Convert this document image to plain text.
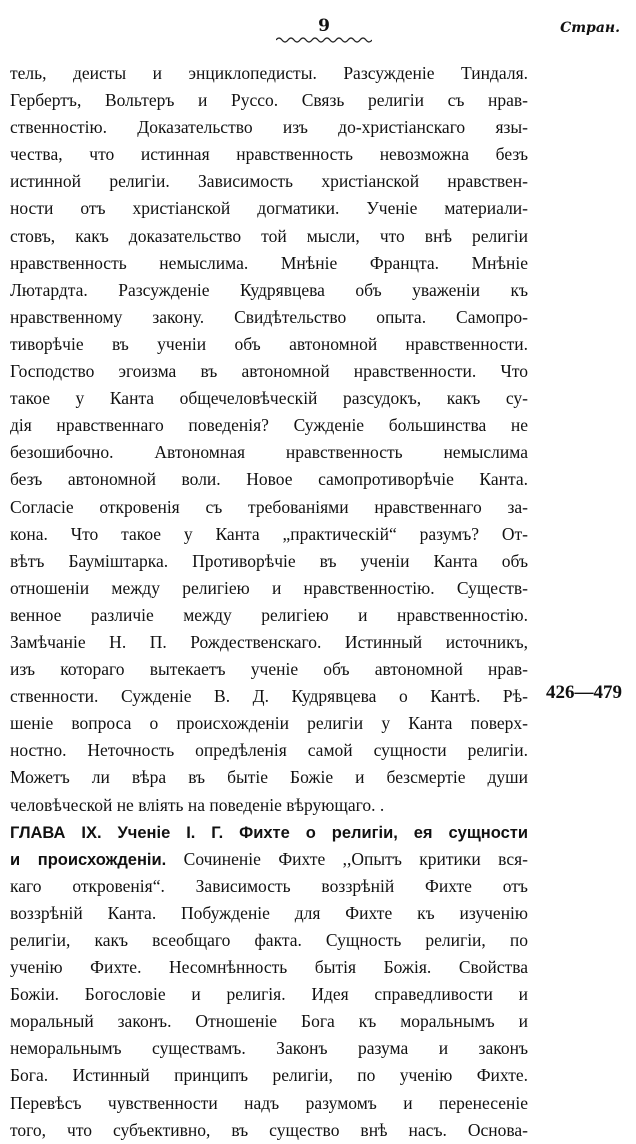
9	Стран.
тель, деисты и энциклопедисты. Разсужденіе Тиндаля.
Гербертъ, Вольтеръ и Руссо. Связь религіи съ нрав-
ственностію. Доказательство изъ до-христіанскаго язы-
чества, что истинная нравственность невозможна безъ
истинной религіи. Зависимость христіанской нравствен-
ности отъ христіанской догматики. Ученіе материали-
стовъ, какъ доказательство той мысли, что внѣ религіи
нравственность немыслима. Мнѣніе Францта. Мнѣніе
Лютардта. Разсужденіе Кудрявцева объ уваженіи къ
нравственному закону. Свидѣтельство опыта. Самопро-
тиворѣчіе въ ученіи объ автономной нравственности.
Господство эгоизма въ автономной нравственности. Что
такое у Канта общечеловѣческій разсудокъ, какъ су-
дія нравственнаго поведенія? Сужденіе большинства не
безошибочно. Автономная нравственность немыслима
безъ автономной воли. Новое самопротиворѣчіе Канта.
Согласіе откровенія съ требованіями нравственнаго за-
кона. Что такое у Канта „практическій“ разумъ? От-
вѣтъ Бауміштарка. Противорѣчіе въ ученіи Канта объ
отношеніи между религіею и нравственностію. Существ-
венное различіе между религіею и нравственностію.
Замѣчаніе Н. П. Рождественскаго. Истинный источникъ,
изъ котораго вытекаетъ ученіе объ автономной нрав-
ственности. Сужденіе В. Д. Кудрявцева о Кантѣ. Рѣ-
шеніе вопроса о происхожденіи религіи у Канта поверх-
ностно. Неточность опредѣленія самой сущности религіи.
Можетъ ли вѣра въ бытіе Божіе и безсмертіе души
человѣческой не вліять на поведеніе вѣрующаго. .
ГЛАВА IX. Ученіе І. Г. Фихте о религіи, ея сущности
и происхожденіи. Сочиненіе Фихте ,,Опытъ критики вся-
каго откровенія“. Зависимость воззрѣній Фихте отъ
воззрѣній Канта. Побужденіе для Фихте къ изученію
религіи, какъ всеобщаго факта. Сущность религіи, по
ученію Фихте. Несомнѣнность бытія Божія. Свойства
Божіи. Богословіе и религія. Идея справедливости и
моральный законъ. Отношеніе Бога къ моральнымъ и
неморальнымъ существамъ. Законъ разума и законъ
Бога. Истинный принципъ религіи, по ученію Фихте.
Перевѣсъ чувственности надъ разумомъ и перенесеніе
того, что субъективно, въ существо внѣ насъ. Основа-
426—479
